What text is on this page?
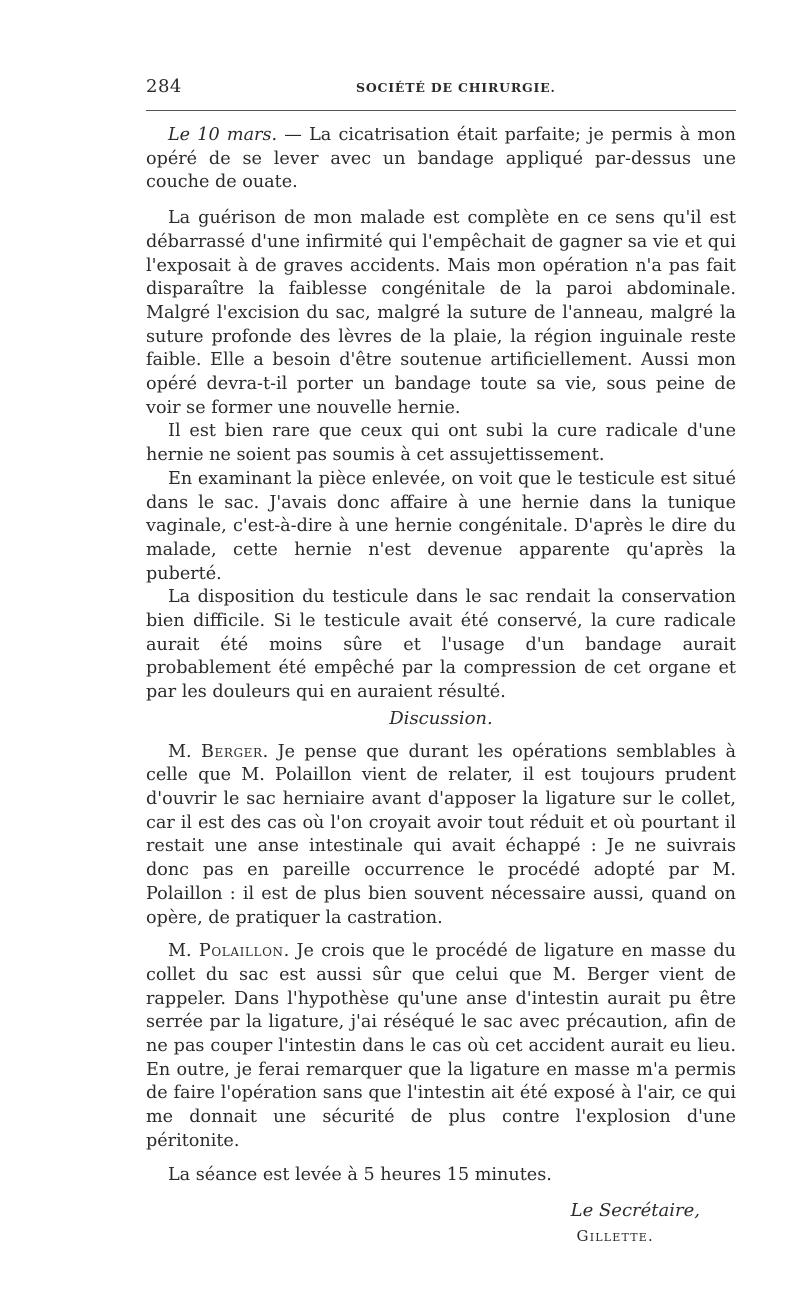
284	SOCIÉTÉ DE CHIRURGIE.

Le 10 mars. — La cicatrisation était parfaite; je permis à mon opéré de se lever avec un bandage appliqué par-dessus une couche de ouate.

La guérison de mon malade est complète en ce sens qu'il est débarrassé d'une infirmité qui l'empêchait de gagner sa vie et qui l'exposait à de graves accidents. Mais mon opération n'a pas fait disparaître la faiblesse congénitale de la paroi abdominale. Malgré l'excision du sac, malgré la suture de l'anneau, malgré la suture profonde des lèvres de la plaie, la région inguinale reste faible. Elle a besoin d'être soutenue artificiellement. Aussi mon opéré devra-t-il porter un bandage toute sa vie, sous peine de voir se former une nouvelle hernie.

Il est bien rare que ceux qui ont subi la cure radicale d'une hernie ne soient pas soumis à cet assujettissement.

En examinant la pièce enlevée, on voit que le testicule est situé dans le sac. J'avais donc affaire à une hernie dans la tunique vaginale, c'est-à-dire à une hernie congénitale. D'après le dire du malade, cette hernie n'est devenue apparente qu'après la puberté.

La disposition du testicule dans le sac rendait la conservation bien difficile. Si le testicule avait été conservé, la cure radicale aurait été moins sûre et l'usage d'un bandage aurait probablement été empêché par la compression de cet organe et par les douleurs qui en auraient résulté.

Discussion.

M. Berger. Je pense que durant les opérations semblables à celle que M. Polaillon vient de relater, il est toujours prudent d'ouvrir le sac herniaire avant d'apposer la ligature sur le collet, car il est des cas où l'on croyait avoir tout réduit et où pourtant il restait une anse intestinale qui avait échappé : Je ne suivrais donc pas en pareille occurrence le procédé adopté par M. Polaillon : il est de plus bien souvent nécessaire aussi, quand on opère, de pratiquer la castration.

M. Polaillon. Je crois que le procédé de ligature en masse du collet du sac est aussi sûr que celui que M. Berger vient de rappeler. Dans l'hypothèse qu'une anse d'intestin aurait pu être serrée par la ligature, j'ai réséqué le sac avec précaution, afin de ne pas couper l'intestin dans le cas où cet accident aurait eu lieu. En outre, je ferai remarquer que la ligature en masse m'a permis de faire l'opération sans que l'intestin ait été exposé à l'air, ce qui me donnait une sécurité de plus contre l'explosion d'une péritonite.

La séance est levée à 5 heures 15 minutes.

Le Secrétaire,
Gillette.
